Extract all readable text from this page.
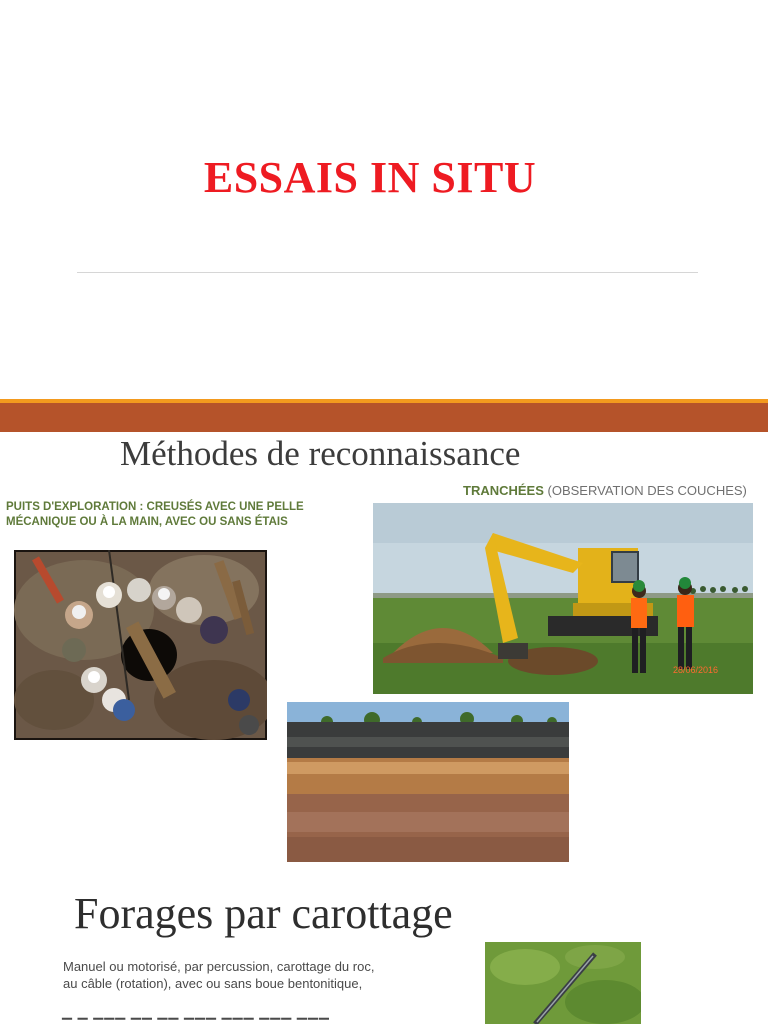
ESSAIS IN SITU
Méthodes de reconnaissance
TRANCHÉES (OBSERVATION DES COUCHES)
PUITS D'EXPLORATION : CREUSÉS AVEC UNE PELLE MÉCANIQUE OU À LA MAIN, AVEC OU SANS ÉTAIS
28/06/2016
Forages par carottage
Manuel ou motorisé, par percussion, carottage du roc, au câble (rotation), avec ou sans boue bentonitique,
▔ ▔ ▔▔▔ ▔▔ ▔▔ ▔▔▔ ▔▔▔ ▔▔▔ ▔▔▔
